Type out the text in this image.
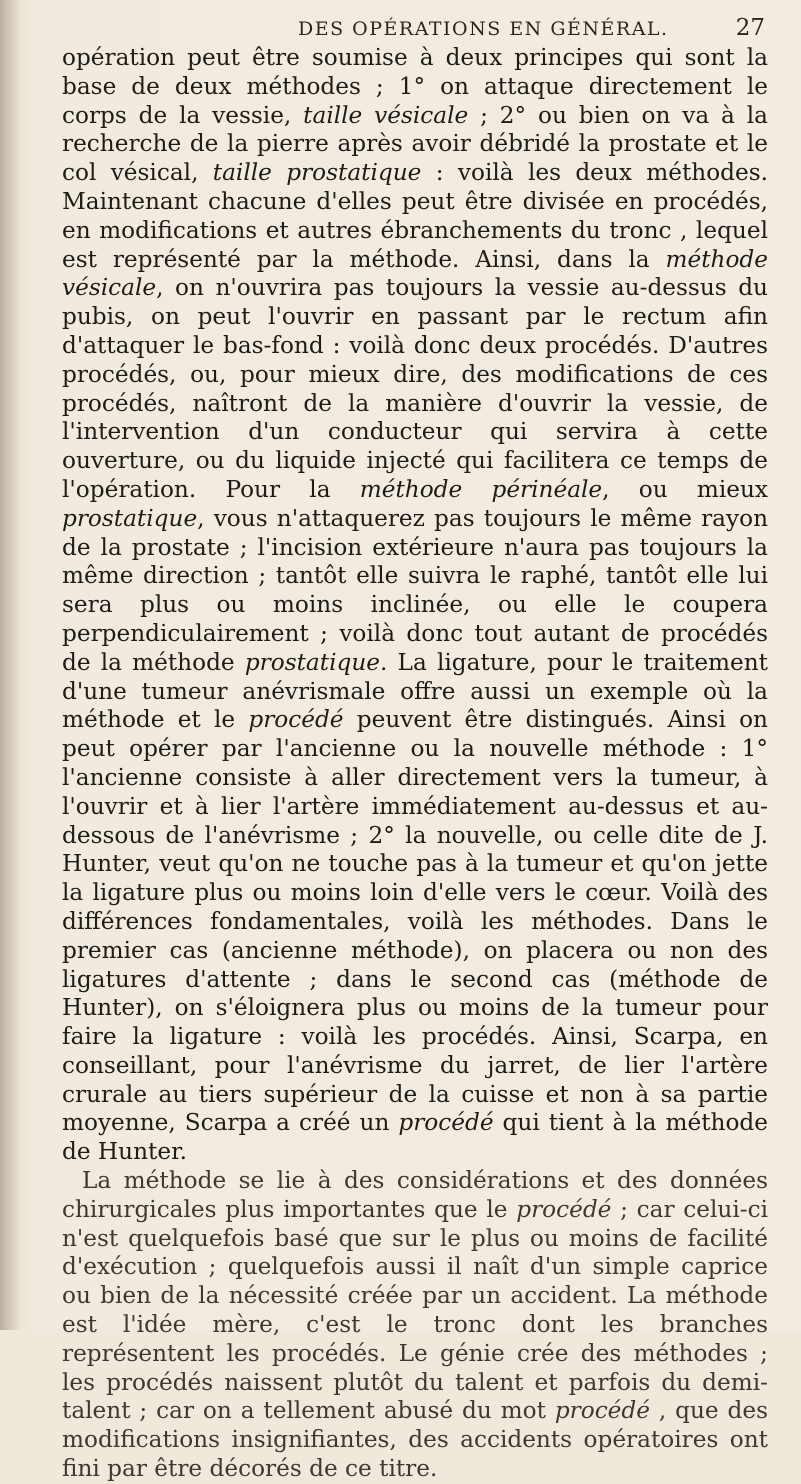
DES OPÉRATIONS EN GÉNÉRAL.	27

opération peut être soumise à deux principes qui sont la base de deux méthodes ; 1° on attaque directement le corps de la vessie, taille vésicale ; 2° ou bien on va à la recherche de la pierre après avoir débridé la prostate et le col vésical, taille prostatique : voilà les deux méthodes. Maintenant chacune d'elles peut être divisée en procédés, en modifications et autres ébranchements du tronc , lequel est représenté par la méthode. Ainsi, dans la méthode vésicale, on n'ouvrira pas toujours la vessie au-dessus du pubis, on peut l'ouvrir en passant par le rectum afin d'attaquer le bas-fond : voilà donc deux procédés. D'autres procédés, ou, pour mieux dire, des modifications de ces procédés, naîtront de la manière d'ouvrir la vessie, de l'intervention d'un conducteur qui servira à cette ouverture, ou du liquide injecté qui facilitera ce temps de l'opération. Pour la méthode périnéale, ou mieux prostatique, vous n'attaquerez pas toujours le même rayon de la prostate ; l'incision extérieure n'aura pas toujours la même direction ; tantôt elle suivra le raphé, tantôt elle lui sera plus ou moins inclinée, ou elle le coupera perpendiculairement ; voilà donc tout autant de procédés de la méthode prostatique. La ligature, pour le traitement d'une tumeur anévrismale offre aussi un exemple où la méthode et le procédé peuvent être distingués. Ainsi on peut opérer par l'ancienne ou la nouvelle méthode : 1° l'ancienne consiste à aller directement vers la tumeur, à l'ouvrir et à lier l'artère immédiatement au-dessus et au-dessous de l'anévrisme ; 2° la nouvelle, ou celle dite de J. Hunter, veut qu'on ne touche pas à la tumeur et qu'on jette la ligature plus ou moins loin d'elle vers le cœur. Voilà des différences fondamentales, voilà les méthodes. Dans le premier cas (ancienne méthode), on placera ou non des ligatures d'attente ; dans le second cas (méthode de Hunter), on s'éloignera plus ou moins de la tumeur pour faire la ligature : voilà les procédés. Ainsi, Scarpa, en conseillant, pour l'anévrisme du jarret, de lier l'artère crurale au tiers supérieur de la cuisse et non à sa partie moyenne, Scarpa a créé un procédé qui tient à la méthode de Hunter.

La méthode se lie à des considérations et des données chirurgicales plus importantes que le procédé ; car celui-ci n'est quelquefois basé que sur le plus ou moins de facilité d'exécution ; quelquefois aussi il naît d'un simple caprice ou bien de la nécessité créée par un accident. La méthode est l'idée mère, c'est le tronc dont les branches représentent les procédés. Le génie crée des méthodes ; les procédés naissent plutôt du talent et parfois du demi-talent ; car on a tellement abusé du mot procédé , que des modifications insignifiantes, des accidents opératoires ont fini par être décorés de ce titre.
